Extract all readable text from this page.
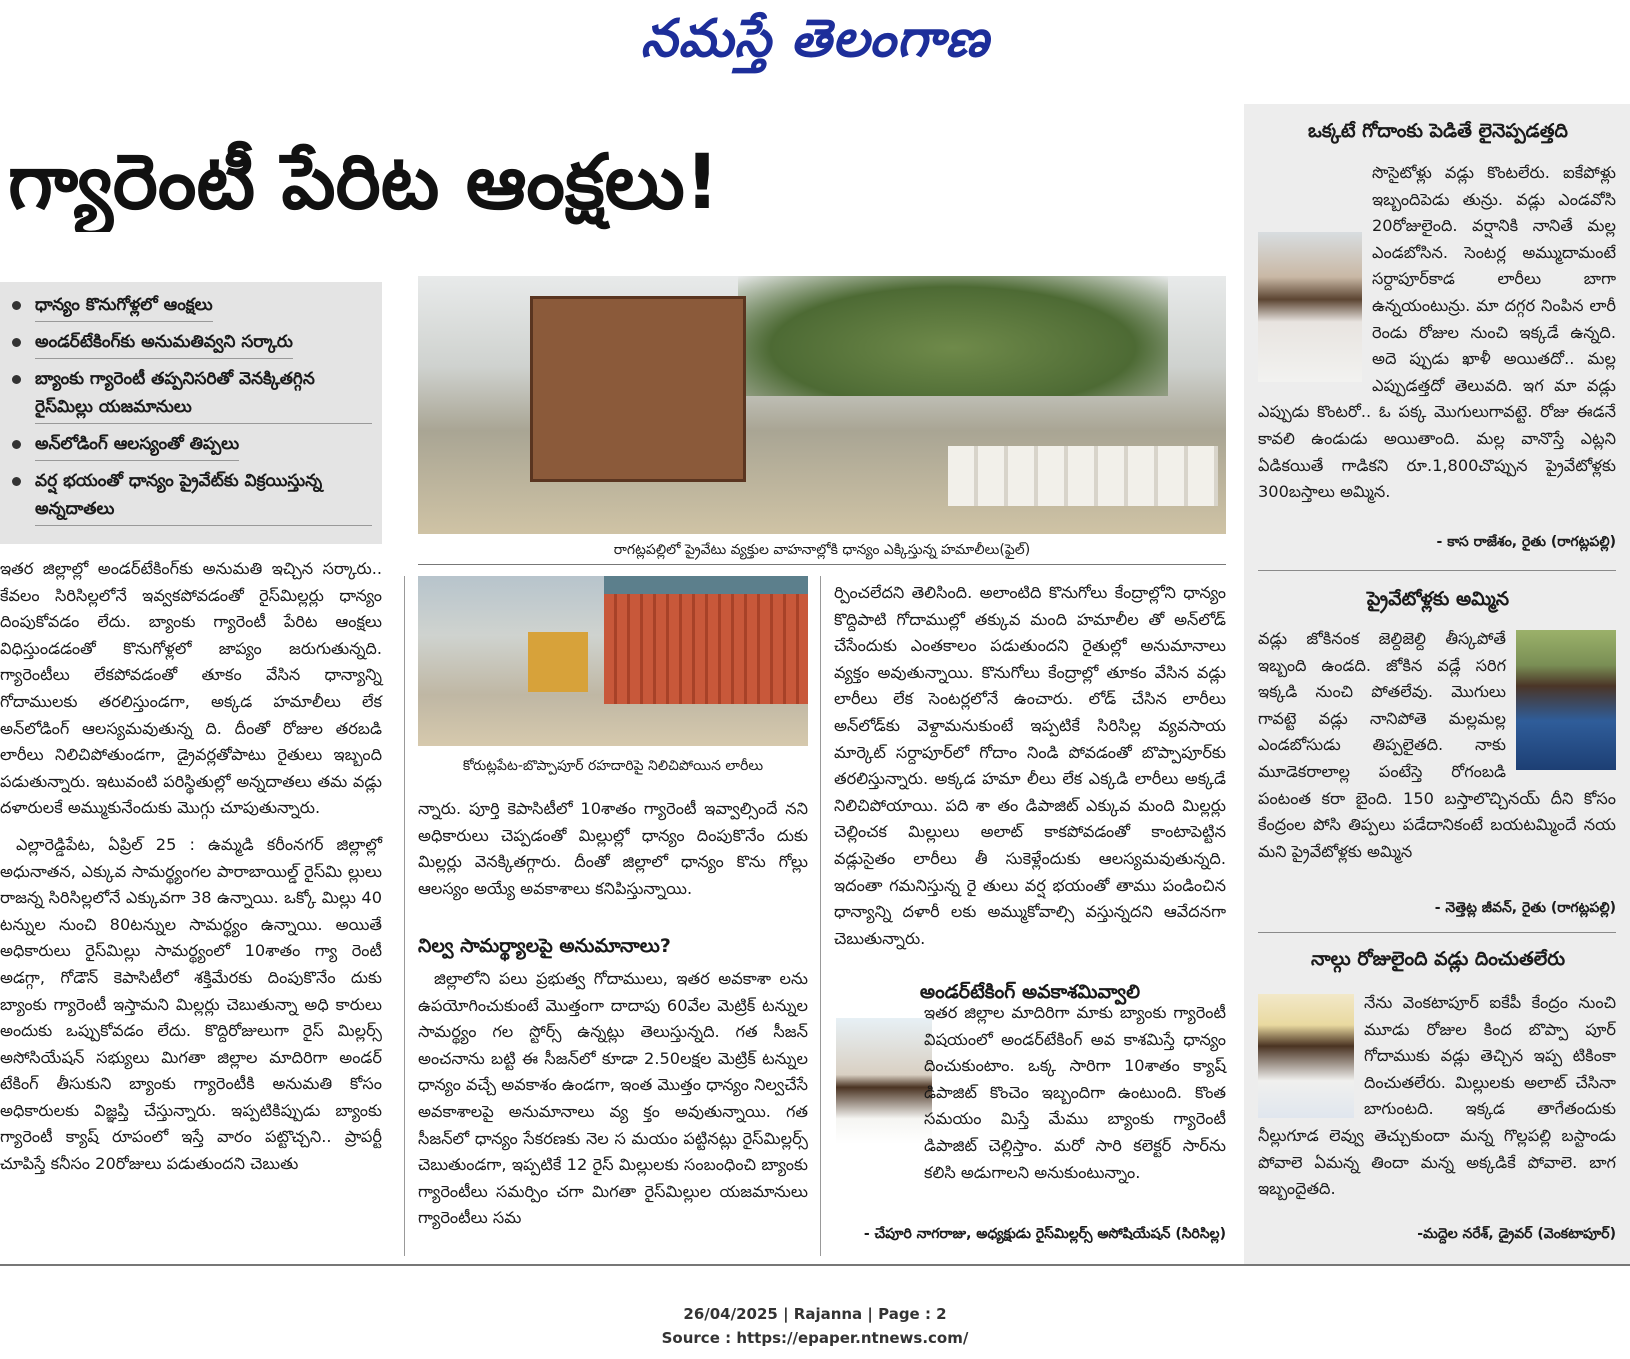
నమస్తే తెలంగాణ
గ్యారెంటీ పేరిట ఆంక్షలు!
ధాన్యం కొనుగోళ్లలో ఆంక్షలు
అండర్‌టేకింగ్‌కు అనుమతివ్వని సర్కారు
బ్యాంకు గ్యారెంటీ తప్పనిసరితో వెనక్కితగ్గిన రైస్‌మిల్లు యజమానులు
అన్‌లోడింగ్ ఆలస్యంతో తిప్పలు
వర్ష భయంతో ధాన్యం ప్రైవేట్‌కు విక్రయిస్తున్న అన్నదాతలు
రాగట్లపల్లిలో ప్రైవేటు వ్యక్తుల వాహనాల్లోకి ధాన్యం ఎక్కిస్తున్న హమాలీలు(ఫైల్)
కోరుట్లపేట-బొప్పాపూర్ రహదారిపై నిలిచిపోయిన లారీలు

ఇతర జిల్లాల్లో అండర్‌టేకింగ్‌కు అనుమతి ఇచ్చిన సర్కారు.. కేవలం సిరిసిల్లలోనే ఇవ్వకపోవడంతో రైస్‌మిల్లర్లు ధాన్యం దింపుకోవడం లేదు. బ్యాంకు గ్యారెంటీ పేరిట ఆంక్షలు విధిస్తుండడంతో కొనుగోళ్లలో జాప్యం జరుగుతున్నది. గ్యారెంటీలు లేకపోవడంతో తూకం వేసిన ధాన్యాన్ని గోదాములకు తరలిస్తుండగా, అక్కడ హమాలీలు లేక అన్‌లోడింగ్ ఆలస్యమవుతున్న ది. దీంతో రోజుల తరబడి లారీలు నిలిచిపోతుండగా, డ్రైవర్లతోపాటు రైతులు ఇబ్బంది పడుతున్నారు. ఇటువంటి పరిస్థితుల్లో అన్నదాతలు తమ వడ్లు దళారులకే అమ్ముకునేందుకు మొగ్గు చూపుతున్నారు.

ఎల్లారెడ్డిపేట, ఏప్రిల్ 25 : ఉమ్మడి కరీంనగర్ జిల్లాల్లో అధునాతన, ఎక్కువ సామర్థ్యంగల పారాబాయిల్డ్ రైస్‌మి ల్లులు రాజన్న సిరిసిల్లలోనే ఎక్కువగా 38 ఉన్నాయి. ఒక్కో మిల్లు 40 టన్నుల నుంచి 80టన్నుల సామర్థ్యం ఉన్నాయి. అయితే అధికారులు రైస్‌మిల్లు సామర్థ్యంలో 10శాతం గ్యా రెంటీ అడగ్గా, గోడౌన్ కెపాసిటీలో శక్తిమేరకు దింపుకొనేం దుకు బ్యాంకు గ్యారెంటీ ఇస్తామని మిల్లర్లు చెబుతున్నా అధి కారులు అందుకు ఒప్పుకోవడం లేదు. కొద్దిరోజులుగా రైస్ మిల్లర్స్ అసోసియేషన్ సభ్యులు మిగతా జిల్లాల మాదిరిగా అండర్ టేకింగ్ తీసుకుని బ్యాంకు గ్యారెంటీకి అనుమతి కోసం అధికారులకు విజ్ఞప్తి చేస్తున్నారు. ఇప్పటికిప్పుడు బ్యాంకు గ్యారెంటీ క్యాష్ రూపంలో ఇస్తే వారం పట్టొచ్చని.. ప్రాపర్టీ చూపిస్తే కనీసం 20రోజులు పడుతుందని చెబుతు

న్నారు. పూర్తి కెపాసిటీలో 10శాతం గ్యారెంటీ ఇవ్వాల్సిందే నని అధికారులు చెప్పడంతో మిల్లుల్లో ధాన్యం దింపుకొనేం దుకు మిల్లర్లు వెనక్కితగ్గారు. దీంతో జిల్లాలో ధాన్యం కొను గోల్లు ఆలస్యం అయ్యే అవకాశాలు కనిపిస్తున్నాయి.

నిల్వ సామర్థ్యాలపై అనుమానాలు?

జిల్లాలోని పలు ప్రభుత్వ గోదాములు, ఇతర అవకాశా లను ఉపయోగించుకుంటే మొత్తంగా దాదాపు 60వేల మెట్రిక్ టన్నుల సామర్థ్యం గల స్టోర్స్ ఉన్నట్లు తెలుస్తున్నది. గత సీజన్ అంచనాను బట్టి ఈ సీజన్‌లో కూడా 2.50లక్షల మెట్రిక్ టన్నుల ధాన్యం వచ్చే అవకాశం ఉండగా, ఇంత మొత్తం ధాన్యం నిల్వచేసే అవకాశాలపై అనుమానాలు వ్య క్తం అవుతున్నాయి. గత సీజన్‌లో ధాన్యం సేకరణకు నెల స మయం పట్టినట్లు రైస్‌మిల్లర్స్ చెబుతుండగా, ఇప్పటికే 12 రైస్ మిల్లులకు సంబంధించి బ్యాంకు గ్యారెంటీలు సమర్పిం చగా మిగతా రైస్‌మిల్లుల యజమానులు గ్యారెంటీలు సమ

ర్పించలేదని తెలిసింది. అలాంటిది కొనుగోలు కేంద్రాల్లోని ధాన్యం కొద్దిపాటి గోదాముల్లో తక్కువ మంది హమాలీల తో అన్‌లోడ్ చేసేందుకు ఎంతకాలం పడుతుందని రైతుల్లో అనుమానాలు వ్యక్తం అవుతున్నాయి. కొనుగోలు కేంద్రాల్లో తూకం వేసిన వడ్లు లారీలు లేక సెంటర్లలోనే ఉంచారు. లోడ్ చేసిన లారీలు అన్‌లోడ్‌కు వెళ్దామనుకుంటే ఇప్పటికే సిరిసిల్ల వ్యవసాయ మార్కెట్ సర్దాపూర్‌లో గోదాం నిండి పోవడంతో బొప్పాపూర్‌కు తరలిస్తున్నారు. అక్కడ హమా లీలు లేక ఎక్కడి లారీలు అక్కడే నిలిచిపోయాయి. పది శా తం డిపాజిట్ ఎక్కువ మంది మిల్లర్లు చెల్లించక మిల్లులు అలాట్ కాకపోవడంతో కాంటాపెట్టిన వడ్లుసైతం లారీలు తీ సుకెళ్లేందుకు ఆలస్యమవుతున్నది. ఇదంతా గమనిస్తున్న రై తులు వర్ష భయంతో తాము పండించిన ధాన్యాన్ని దళారీ లకు అమ్ముకోవాల్సి వస్తున్నదని ఆవేదనగా చెబుతున్నారు.

అండర్‌టేకింగ్ అవకాశమివ్వాలి
ఇతర జిల్లాల మాదిరిగా మాకు బ్యాంకు గ్యారెంటీ విషయంలో అండర్‌టేకింగ్ అవ కాశమిస్తే ధాన్యం దించుకుంటాం. ఒక్క సారిగా 10శాతం క్యాష్ డిపాజిట్ కొంచెం ఇబ్బందిగా ఉంటుంది. కొంత సమయం మిస్తే మేము బ్యాంకు గ్యారెంటీ డిపాజిట్ చెల్లిస్తాం. మరో సారి కలెక్టర్ సార్‌ను కలిసి అడుగాలని అనుకుంటున్నాం.
- చేపూరి నాగరాజు, అధ్యక్షుడు రైస్‌మిల్లర్స్ అసోషియేషన్ (సిరిసిల్ల)
ఒక్కటే గోదాంకు పెడితే లైనెప్పడత్తది
సొసైటోళ్లు వడ్లు కొంటలేరు. ఐకేపోళ్లు ఇబ్బందిపెడు తున్రు. వడ్లు ఎండవోసి 20రోజులైంది. వర్షానికి నానితే మల్ల ఎండబోసిన. సెంటర్ల అమ్ముదామంటే సర్దాపూర్‌కాడ లారీలు బాగా ఉన్నయంటున్రు. మా దగ్గర నింపిన లారీ రెండు రోజుల నుంచి ఇక్కడే ఉన్నది. అదె ప్పుడు ఖాళీ అయితదో.. మల్ల ఎప్పుడత్తదో తెలువది. ఇగ మా వడ్లు ఎప్పుడు కొంటరో.. ఓ పక్క మొగులుగావట్టె. రోజు ఈడనే కావలి ఉండుడు అయితాంది. మల్ల వానొస్తే ఎట్లని ఏడికయితే గాడికని రూ.1,800చొప్పున ప్రైవేటోళ్లకు 300బస్తాలు అమ్మిన.
- కాస రాజేశం, రైతు (రాగట్లపల్లి)
ప్రైవేటోళ్లకు అమ్మిన
వడ్లు జోకినంక జెల్దిజెల్ది తీస్కపోతే ఇబ్బంది ఉండది. జోకిన వడ్లే సరిగ ఇక్కడి నుంచి పోతలేవు. మొగులు గావట్టె వడ్లు నానిపోతె మల్లమల్ల ఎండబోసుడు తిప్పలైతది. నాకు మూడెకరాలాల్ల పంటేస్తె రోగంబడి పంటంత కరా బైంది. 150 బస్తాలొచ్చినయ్ దీని కోసం కేంద్రంల పోసి తిప్పలు పడేదానికంటే బయటమ్మిందే నయ మని ప్రైవేటోళ్లకు అమ్మిన
- నెత్తెట్ల జీవన్, రైతు (రాగట్లపల్లి)
నాల్గు రోజులైంది వడ్లు దించుతలేరు
నేను వెంకటాపూర్ ఐకేపీ కేంద్రం నుంచి మూడు రోజుల కింద బొప్పా పూర్ గోదాముకు వడ్లు తెచ్చిన ఇప్ప టికింకా దించుతలేరు. మిల్లులకు అలాట్ చేసినా బాగుంటది. ఇక్కడ తాగేతందుకు నీల్లుగూడ లెవ్వు తెచ్చుకుందా మన్న గొల్లపల్లి బస్టాండు పోవాలె ఏమన్న తిందా మన్న అక్కడికే పోవాలె. బాగ ఇబ్బందైతది.
-మద్దెల నరేశ్, డ్రైవర్ (వెంకటాపూర్)
26/04/2025 | Rajanna | Page : 2
Source : https://epaper.ntnews.com/
